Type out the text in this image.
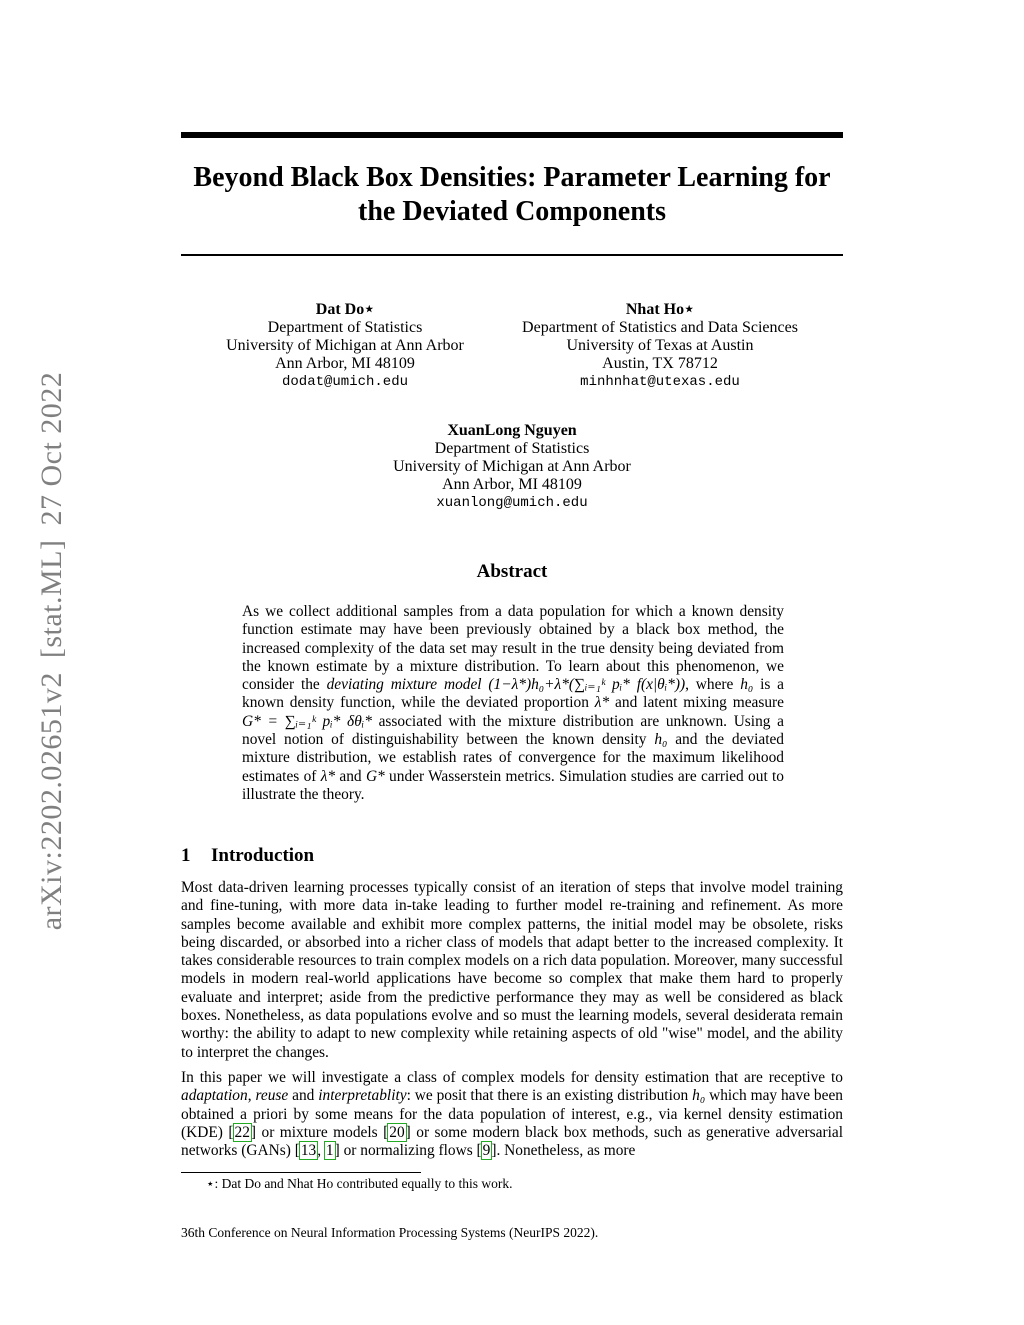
arXiv:2202.02651v2[stat.ML]27 Oct 2022
Beyond Black Box Densities: Parameter Learning for
the Deviated Components
Dat Do⋆
Department of Statistics
University of Michigan at Ann Arbor
Ann Arbor, MI 48109
dodat@umich.edu
Nhat Ho⋆
Department of Statistics and Data Sciences
University of Texas at Austin
Austin, TX 78712
minhnhat@utexas.edu
XuanLong Nguyen
Department of Statistics
University of Michigan at Ann Arbor
Ann Arbor, MI 48109
xuanlong@umich.edu
Abstract

As we collect additional samples from a data population for which a known density function estimate may have been previously obtained by a black box method, the increased complexity of the data set may result in the true density being deviated from the known estimate by a mixture distribution. To learn about this phenomenon, we consider the deviating mixture model (1−λ*)h₀+λ*(∑ᵢ₌₁ᵏ pᵢ* f(x|θᵢ*)), where h₀ is a known density function, while the deviated proportion λ* and latent mixing measure G* = ∑ᵢ₌₁ᵏ pᵢ* δθᵢ* associated with the mixture distribution are unknown. Using a novel notion of distinguishability between the known density h₀ and the deviated mixture distribution, we establish rates of convergence for the maximum likelihood estimates of λ* and G* under Wasserstein metrics. Simulation studies are carried out to illustrate the theory.

1 Introduction

Most data-driven learning processes typically consist of an iteration of steps that involve model training and fine-tuning, with more data in-take leading to further model re-training and refinement. As more samples become available and exhibit more complex patterns, the initial model may be obsolete, risks being discarded, or absorbed into a richer class of models that adapt better to the increased complexity. It takes considerable resources to train complex models on a rich data population. Moreover, many successful models in modern real-world applications have become so complex that make them hard to properly evaluate and interpret; aside from the predictive performance they may as well be considered as black boxes. Nonetheless, as data populations evolve and so must the learning models, several desiderata remain worthy: the ability to adapt to new complexity while retaining aspects of old "wise" model, and the ability to interpret the changes.

In this paper we will investigate a class of complex models for density estimation that are receptive to adaptation, reuse and interpretablity: we posit that there is an existing distribution h₀ which may have been obtained a priori by some means for the data population of interest, e.g., via kernel density estimation (KDE) [22] or mixture models [20] or some modern black box methods, such as generative adversarial networks (GANs) [13, 1] or normalizing flows [9]. Nonetheless, as more

⋆: Dat Do and Nhat Ho contributed equally to this work.

36th Conference on Neural Information Processing Systems (NeurIPS 2022).
